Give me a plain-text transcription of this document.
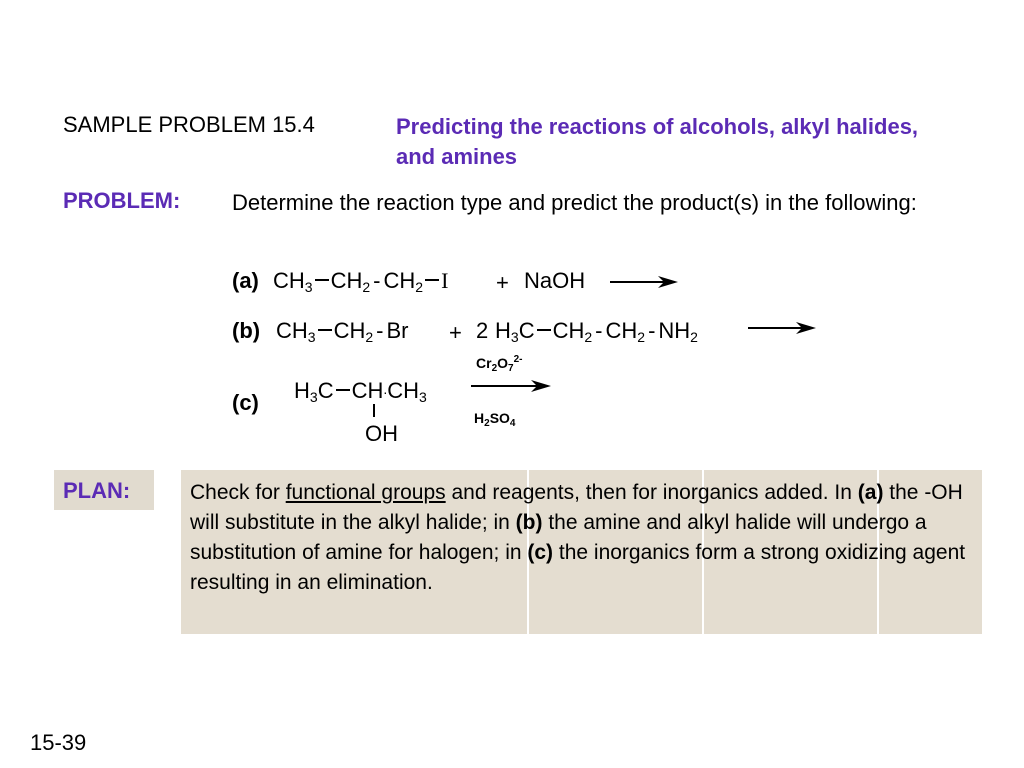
SAMPLE PROBLEM 15.4	Predicting the reactions of alcohols, alkyl halides, and amines
PROBLEM: Determine the reaction type and predict the product(s) in the following:
(a) $CH_3$ $CH_2 - CH_2$ I + NaOH
(b) $CH_3$ $CH_2 - Br + 2$ $H_3C$ $CH_2 - CH_2 - NH_2$
(c) $H_3C$ $CH.CH_3$
OH
$Cr_2O_7^{2-}$
$H_2SO_4$
PLAN:	Check for functional groups and reagents, then for inorganics added. In (a) the -OH will substitute in the alkyl halide; in (b) the amine and alkyl halide will undergo a substitution of amine for halogen; in (c) the inorganics form a strong oxidizing agent resulting in an elimination.
15-39
